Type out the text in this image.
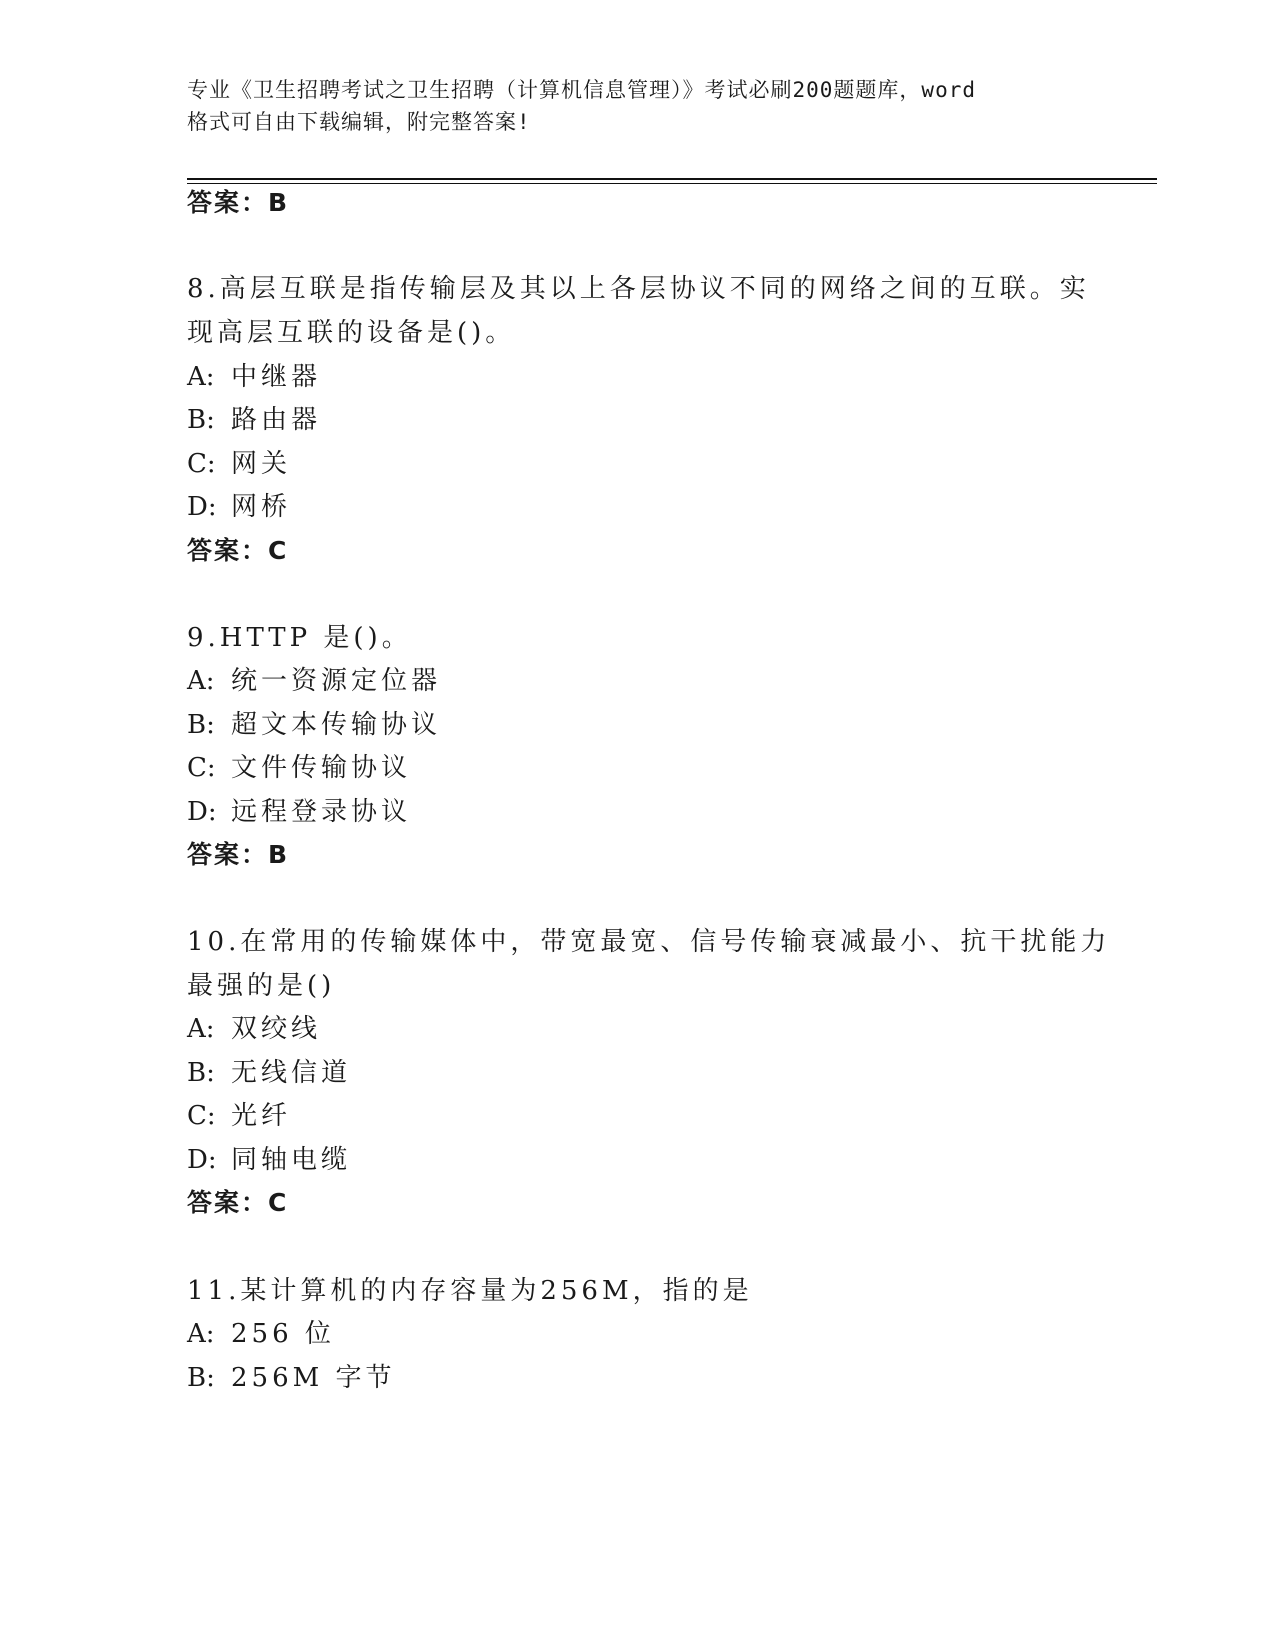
专业《卫生招聘考试之卫生招聘（计算机信息管理）》考试必刷200题题库，word
格式可自由下载编辑，附完整答案!
答案：B
8.高层互联是指传输层及其以上各层协议不同的网络之间的互联。实
现高层互联的设备是()。
A: 中继器
B: 路由器
C: 网关
D: 网桥
答案：C
9.HTTP 是()。
A: 统一资源定位器
B: 超文本传输协议
C: 文件传输协议
D: 远程登录协议
答案：B
10.在常用的传输媒体中，带宽最宽、信号传输衰减最小、抗干扰能力
最强的是()
A: 双绞线
B: 无线信道
C: 光纤
D: 同轴电缆
答案：C
11.某计算机的内存容量为256M，指的是
A: 256 位
B: 256M 字节
